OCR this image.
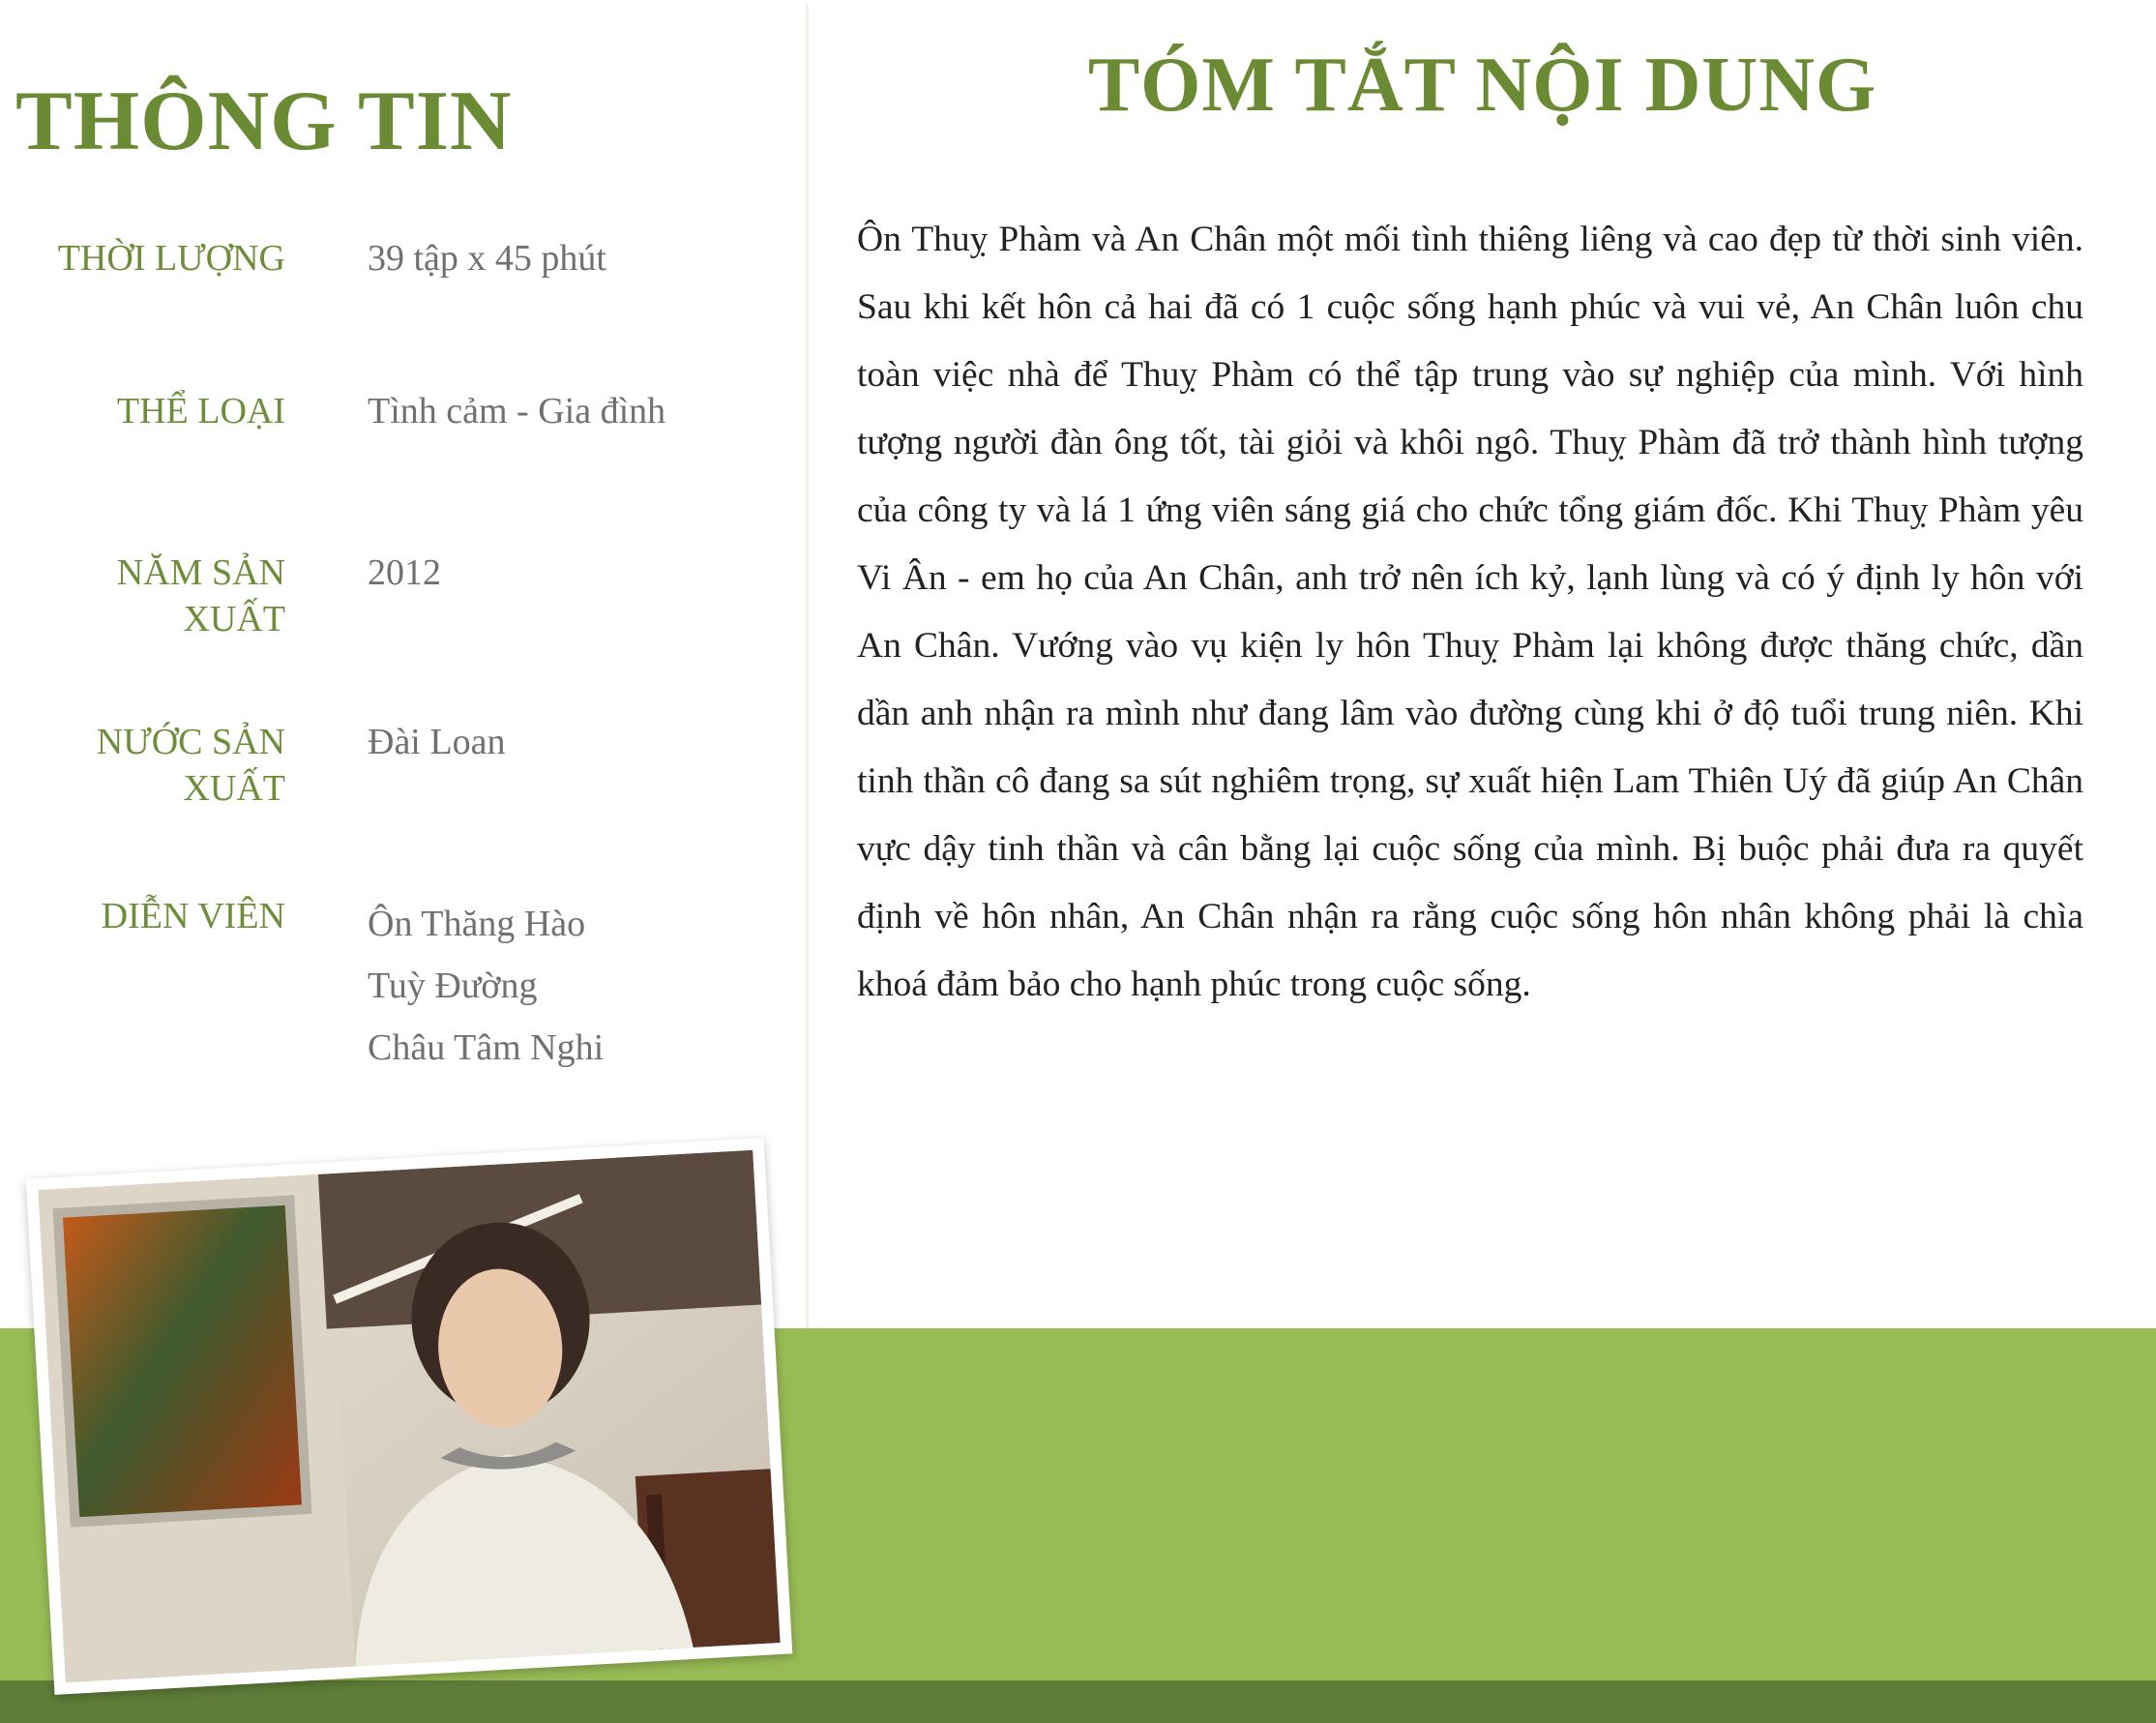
THÔNG TIN
THỜI LƯỢNG 39 tập x 45 phút
THỂ LOẠI Tình cảm - Gia đình
NĂM SẢN XUẤT
2012
NƯỚC SẢN XUẤT
Đài Loan
DIỄN VIÊN Ôn Thăng Hào
Tuỳ Đường
Châu Tâm Nghi
TÓM TẮT NỘI DUNG

Ôn Thuỵ Phàm và An Chân một mối tình thiêng liêng và cao đẹp từ thời sinh viên. Sau khi kết hôn cả hai đã có 1 cuộc sống hạnh phúc và vui vẻ, An Chân luôn chu toàn việc nhà để Thuỵ Phàm có thể tập trung vào sự nghiệp của mình. Với hình tượng người đàn ông tốt, tài giỏi và khôi ngô. Thuỵ Phàm đã trở thành hình tượng của công ty và lá 1 ứng viên sáng giá cho chức tổng giám đốc. Khi Thuỵ Phàm yêu Vi Ân - em họ của An Chân, anh trở nên ích kỷ, lạnh lùng và có ý định ly hôn với An Chân. Vướng vào vụ kiện ly hôn Thuỵ Phàm lại không được thăng chức, dần dần anh nhận ra mình như đang lâm vào đường cùng khi ở độ tuổi trung niên. Khi tinh thần cô đang sa sút nghiêm trọng, sự xuất hiện Lam Thiên Uý đã giúp An Chân vực dậy tinh thần và cân bằng lại cuộc sống của mình. Bị buộc phải đưa ra quyết định về hôn nhân, An Chân nhận ra rằng cuộc sống hôn nhân không phải là chìa khoá đảm bảo cho hạnh phúc trong cuộc sống.
